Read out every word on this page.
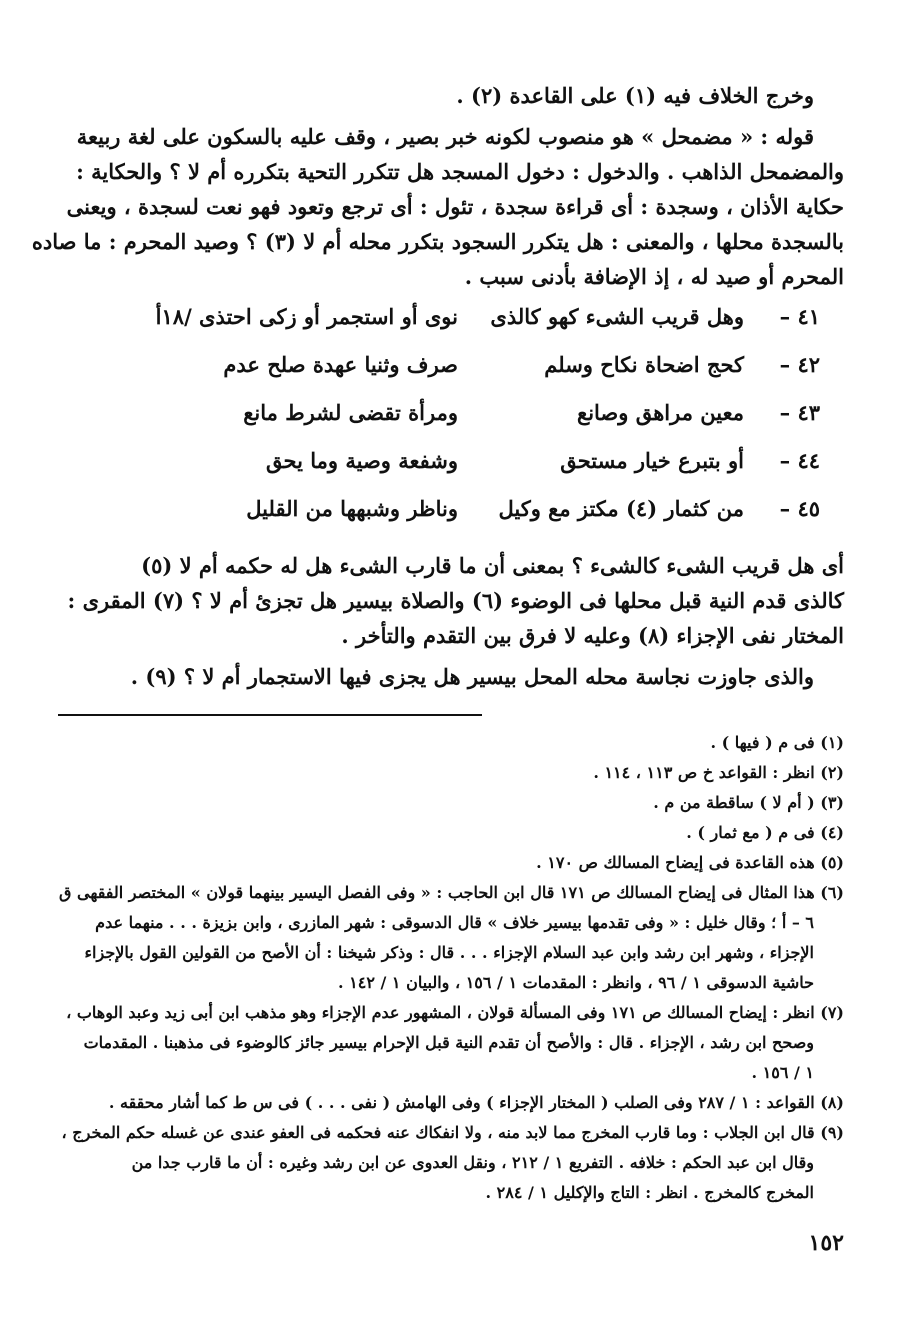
وخرج الخلاف فيه (١) على القاعدة (٢) .
قوله : « مضمحل » هو منصوب لكونه خبر بصير ، وقف عليه بالسكون على لغة ربيعة
والمضمحل الذاهب . والدخول : دخول المسجد هل تتكرر التحية بتكرره أم لا ؟ والحكاية :
حكاية الأذان ، وسجدة : أى قراءة سجدة ، تئول : أى ترجع وتعود فهو نعت لسجدة ، ويعنى
بالسجدة محلها ، والمعنى : هل يتكرر السجود بتكرر محله أم لا (٣) ؟ وصيد المحرم : ما صاده
المحرم أو صيد له ، إذ الإضافة بأدنى سبب .
٤١ –
وهل قريب الشىء كهو كالذى
نوى أو استجمر أو زكى احتذى /١٨أ
٤٢ –
كحج اضحاة نكاح وسلم
صرف وثنيا عهدة صلح عدم
٤٣ –
معين مراهق وصانع
ومرأة تقضى لشرط مانع
٤٤ –
أو بتبرع خيار مستحق
وشفعة وصية وما يحق
٤٥ –
من كثمار (٤) مكتز مع وكيل
وناظر وشبهها من القليل
أى هل قريب الشىء كالشىء ؟ بمعنى أن ما قارب الشىء هل له حكمه أم لا (٥)
كالذى قدم النية قبل محلها فى الوضوء (٦) والصلاة بيسير هل تجزئ أم لا ؟ (٧) المقرى :
المختار نفى الإجزاء (٨) وعليه لا فرق بين التقدم والتأخر .
والذى جاوزت نجاسة محله المحل بيسير هل يجزى فيها الاستجمار أم لا ؟ (٩) .
(١) فى م ( فيها ) .
(٢) انظر : القواعد خ ص ١١٣ ، ١١٤ .
(٣) ( أم لا ) ساقطة من م .
(٤) فى م ( مع ثمار ) .
(٥) هذه القاعدة فى إيضاح المسالك ص ١٧٠ .
(٦) هذا المثال فى إيضاح المسالك ص ١٧١ قال ابن الحاجب : « وفى الفصل اليسير بينهما قولان » المختصر الفقهى ق
٦ – أ ؛ وقال خليل : « وفى تقدمها بيسير خلاف » قال الدسوقى : شهر المازرى ، وابن بزيزة . . . منهما عدم
الإجزاء ، وشهر ابن رشد وابن عبد السلام الإجزاء . . . قال : وذكر شيخنا : أن الأصح من القولين القول بالإجزاء
حاشية الدسوقى ١ / ٩٦ ، وانظر : المقدمات ١ / ١٥٦ ، والبيان ١ / ١٤٢ .
(٧) انظر : إيضاح المسالك ص ١٧١ وفى المسألة قولان ، المشهور عدم الإجزاء وهو مذهب ابن أبى زيد وعبد الوهاب ،
وصحح ابن رشد ، الإجزاء . قال : والأصح أن تقدم النية قبل الإحرام بيسير جائز كالوضوء فى مذهبنا . المقدمات
١ / ١٥٦ .
(٨) القواعد : ١ / ٢٨٧ وفى الصلب ( المختار الإجزاء ) وفى الهامش ( نفى . . . ) فى س ط كما أشار محققه .
(٩) قال ابن الجلاب : وما قارب المخرج مما لابد منه ، ولا انفكاك عنه فحكمه فى العفو عندى عن غسله حكم المخرج ،
وقال ابن عبد الحكم : خلافه . التفريع ١ / ٢١٢ ، ونقل العدوى عن ابن رشد وغيره : أن ما قارب جدا من
المخرج كالمخرج . انظر : التاج والإكليل ١ / ٢٨٤ .
١٥٢
